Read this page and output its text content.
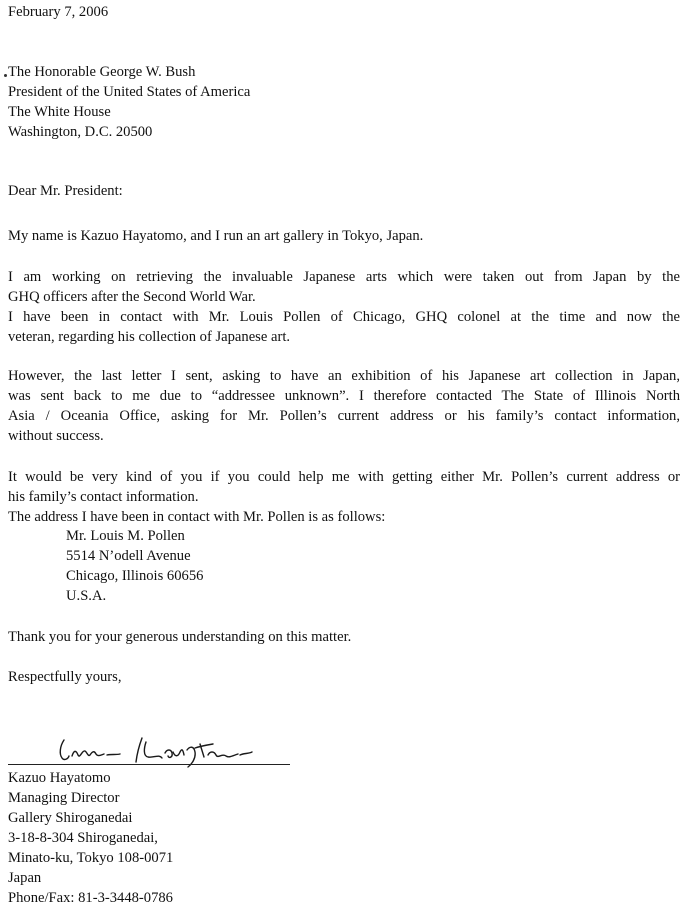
February 7, 2006
The Honorable George W. Bush
President of the United States of America
The White House
Washington, D.C. 20500
Dear Mr. President:
My name is Kazuo Hayatomo, and I run an art gallery in Tokyo, Japan.
I am working on retrieving the invaluable Japanese arts which were taken out from Japan by the
GHQ officers after the Second World War.
I have been in contact with Mr. Louis Pollen of Chicago, GHQ colonel at the time and now the
veteran, regarding his collection of Japanese art.
However, the last letter I sent, asking to have an exhibition of his Japanese art collection in Japan,
was sent back to me due to “addressee unknown”. I therefore contacted The State of Illinois North
Asia / Oceania Office, asking for Mr. Pollen’s current address or his family’s contact information,
without success.
It would be very kind of you if you could help me with getting either Mr. Pollen’s current address or
his family’s contact information.
The address I have been in contact with Mr. Pollen is as follows:
Mr. Louis M. Pollen
5514 N’odell Avenue
Chicago, Illinois 60656
U.S.A.
Thank you for your generous understanding on this matter.
Respectfully yours,
Kazuo Hayatomo
Managing Director
Gallery Shiroganedai
3-18-8-304 Shiroganedai,
Minato-ku, Tokyo 108-0071
Japan
Phone/Fax: 81-3-3448-0786
